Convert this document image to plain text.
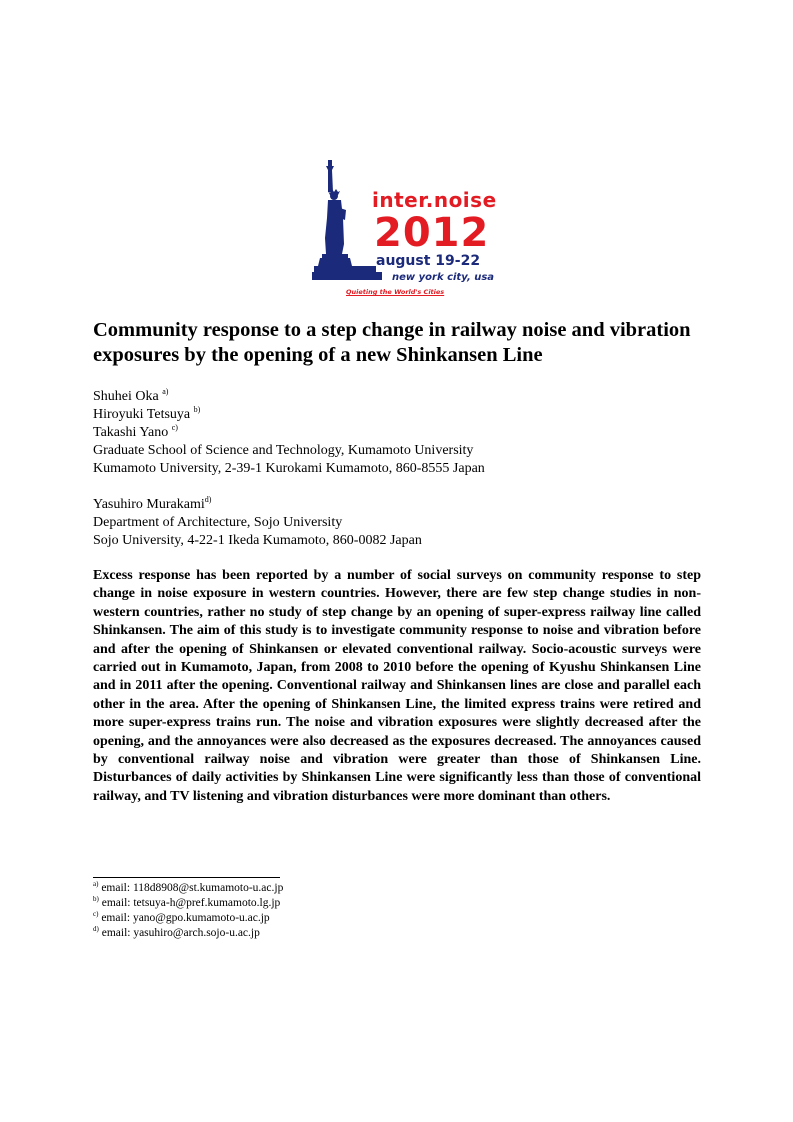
inter.noise
2012
august 19-22
new york city, usa
Quieting the World's Cities
Community response to a step change in railway noise and vibration exposures by the opening of a new Shinkansen Line
Shuhei Oka $^{a)}$
Hiroyuki Tetsuya $^{b)}$
Takashi Yano $^{c)}$
Graduate School of Science and Technology, Kumamoto University
Kumamoto University, 2-39-1 Kurokami Kumamoto, 860-8555 Japan
Yasuhiro Murakami$^{d)}$
Department of Architecture, Sojo University
Sojo University, 4-22-1 Ikeda Kumamoto, 860-0082 Japan

Excess response has been reported by a number of social surveys on community response to step change in noise exposure in western countries. However, there are few step change studies in non-western countries, rather no study of step change by an opening of super-express railway line called Shinkansen. The aim of this study is to investigate community response to noise and vibration before and after the opening of Shinkansen or elevated conventional railway. Socio-acoustic surveys were carried out in Kumamoto, Japan, from 2008 to 2010 before the opening of Kyushu Shinkansen Line and in 2011 after the opening. Conventional railway and Shinkansen lines are close and parallel each other in the area. After the opening of Shinkansen Line, the limited express trains were retired and more super-express trains run. The noise and vibration exposures were slightly decreased after the opening, and the annoyances were also decreased as the exposures decreased. The annoyances caused by conventional railway noise and vibration were greater than those of Shinkansen Line. Disturbances of daily activities by Shinkansen Line were significantly less than those of conventional railway, and TV listening and vibration disturbances were more dominant than others.

$^{a)}$ email: 118d8908@st.kumamoto-u.ac.jp
$^{b)}$ email: tetsuya-h@pref.kumamoto.lg.jp
$^{c)}$ email: yano@gpo.kumamoto-u.ac.jp
$^{d)}$ email: yasuhiro@arch.sojo-u.ac.jp
